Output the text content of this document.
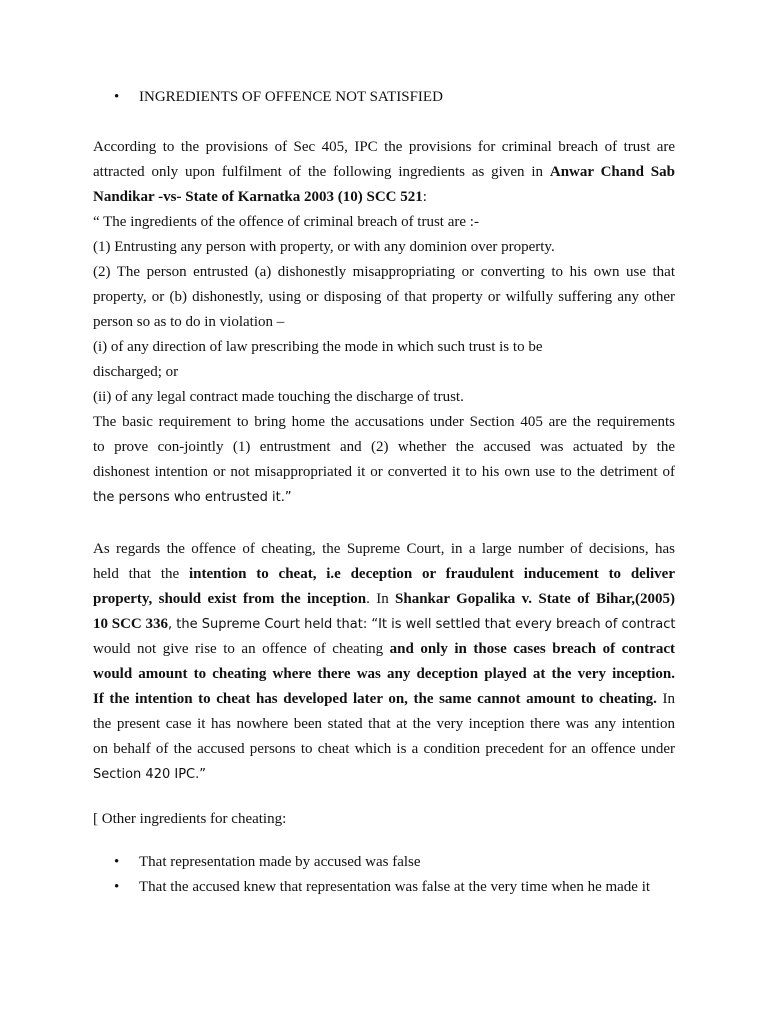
• INGREDIENTS OF OFFENCE NOT SATISFIED
According to the provisions of Sec 405, IPC the provisions for criminal breach of trust are
attracted only upon fulfilment of the following ingredients as given in Anwar Chand Sab
Nandikar -vs- State of Karnatka 2003 (10) SCC 521:
“ The ingredients of the offence of criminal breach of trust are :-
(1) Entrusting any person with property, or with any dominion over property.
(2) The person entrusted (a) dishonestly misappropriating or converting to his own use that
property, or (b) dishonestly, using or disposing of that property or wilfully suffering any other
person so as to do in violation –
(i) of any direction of law prescribing the mode in which such trust is to be
discharged; or
(ii) of any legal contract made touching the discharge of trust.
The basic requirement to bring home the accusations under Section 405 are the requirements
to prove con-jointly (1) entrustment and (2) whether the accused was actuated by the
dishonest intention or not misappropriated it or converted it to his own use to the detriment of
the persons who entrusted it.”
As regards the offence of cheating, the Supreme Court, in a large number of decisions, has
held that the intention to cheat, i.e deception or fraudulent inducement to deliver
property, should exist from the inception. In Shankar Gopalika v. State of Bihar,(2005)
10 SCC 336, the Supreme Court held that: “It is well settled that every breach of contract
would not give rise to an offence of cheating and only in those cases breach of contract
would amount to cheating where there was any deception played at the very inception.
If the intention to cheat has developed later on, the same cannot amount to cheating. In
the present case it has nowhere been stated that at the very inception there was any intention
on behalf of the accused persons to cheat which is a condition precedent for an offence under
Section 420 IPC.”
[ Other ingredients for cheating:
• That representation made by accused was false
• That the accused knew that representation was false at the very time when he made it
